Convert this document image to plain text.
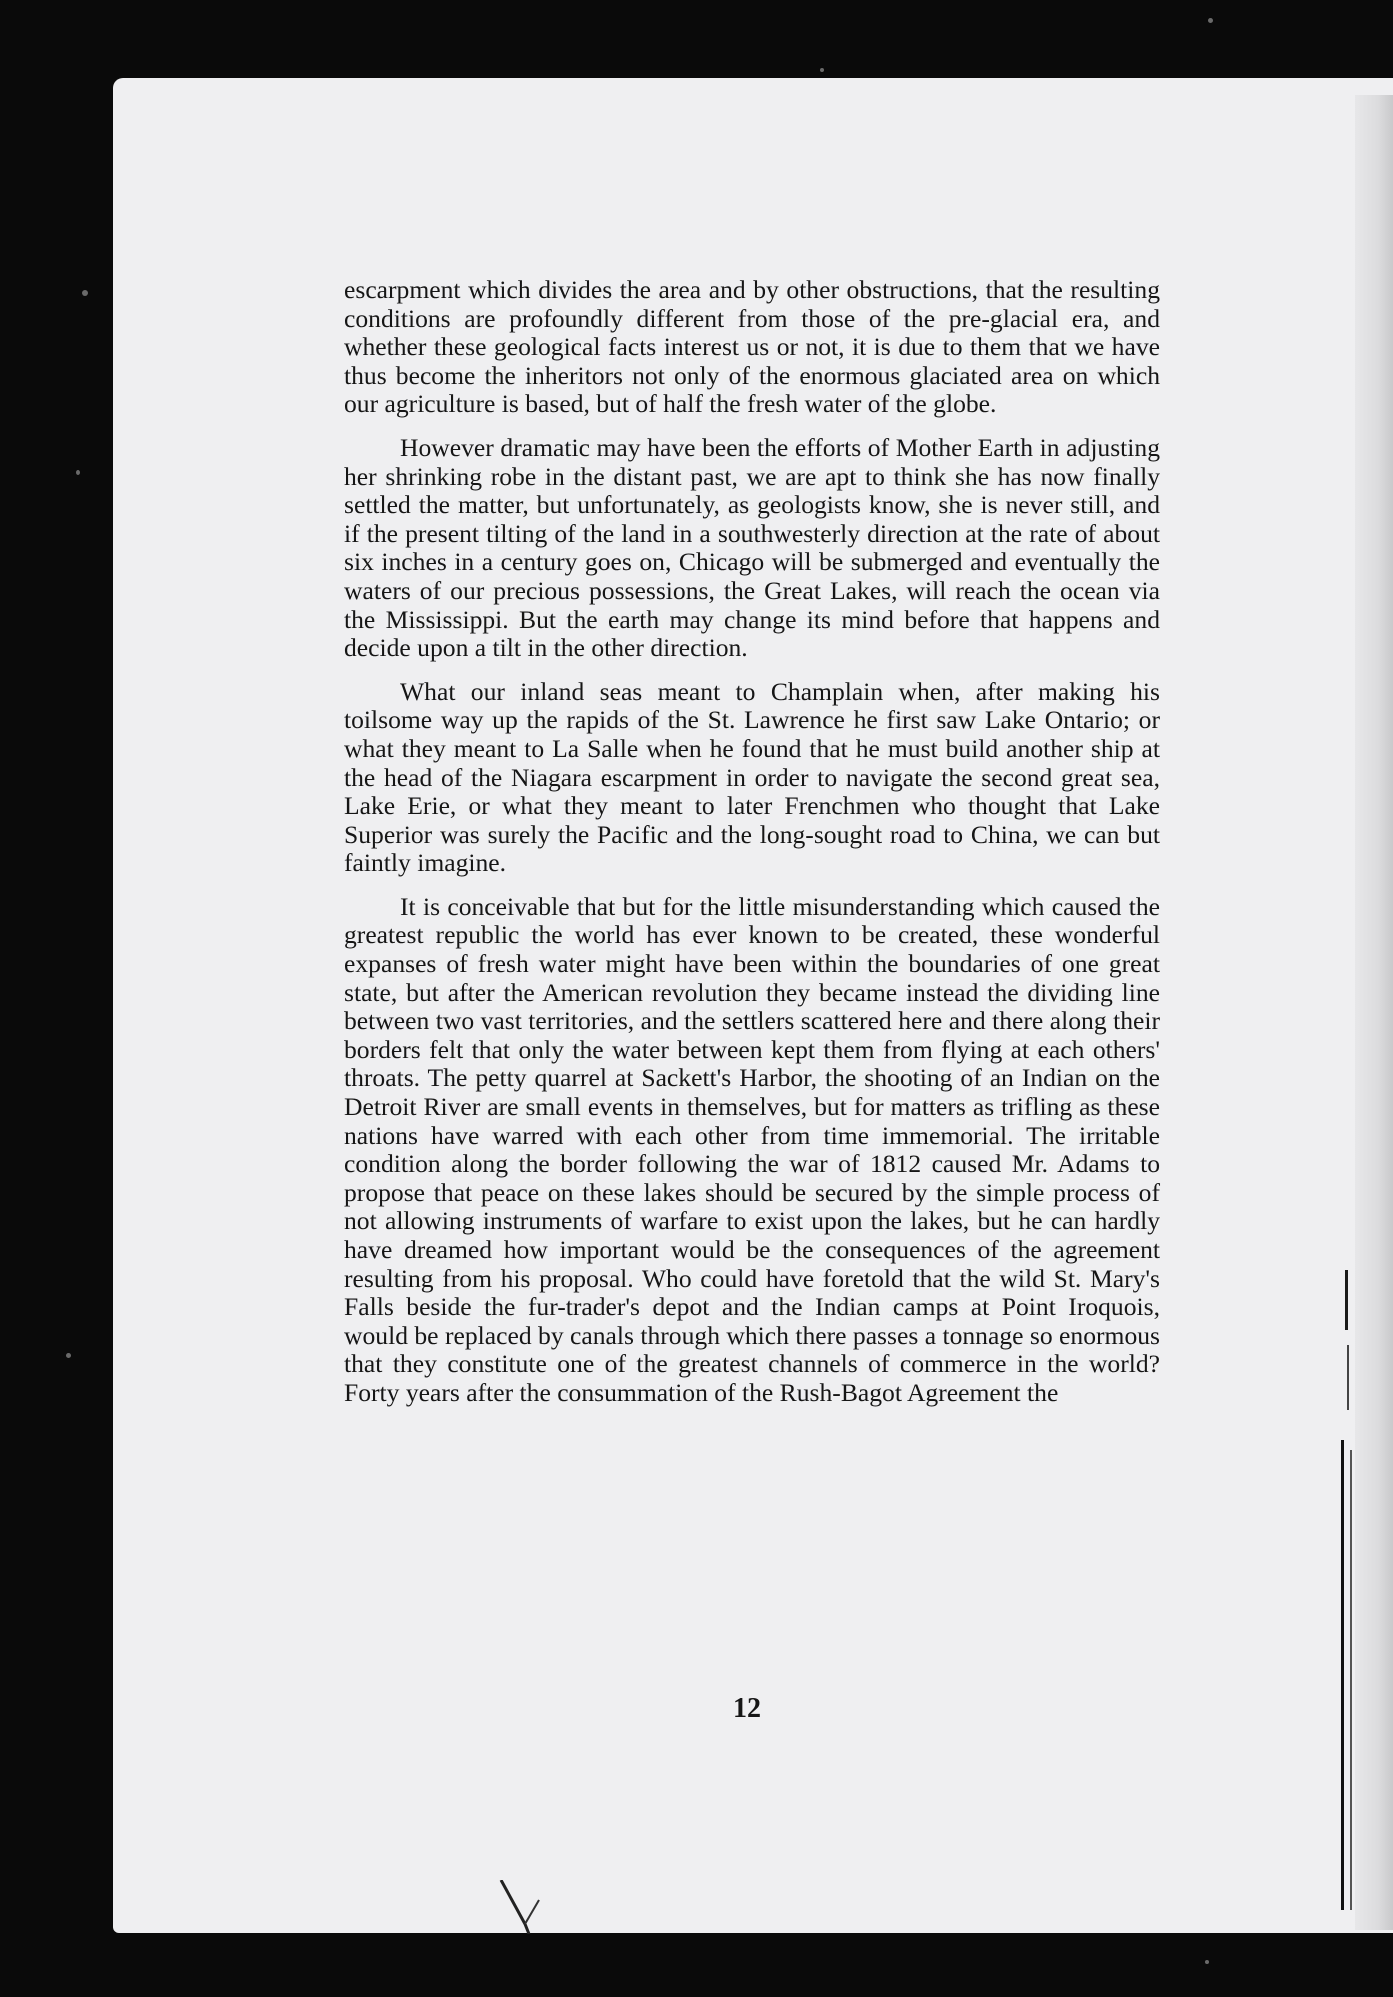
escarpment which divides the area and by other obstructions, that the resulting conditions are profoundly different from those of the pre-glacial era, and whether these geological facts interest us or not, it is due to them that we have thus become the inheritors not only of the enormous glaciated area on which our agriculture is based, but of half the fresh water of the globe.

However dramatic may have been the efforts of Mother Earth in adjusting her shrinking robe in the distant past, we are apt to think she has now finally settled the matter, but unfortunately, as geologists know, she is never still, and if the present tilting of the land in a southwesterly direction at the rate of about six inches in a century goes on, Chicago will be submerged and eventually the waters of our precious possessions, the Great Lakes, will reach the ocean via the Mississippi. But the earth may change its mind before that happens and decide upon a tilt in the other direction.

What our inland seas meant to Champlain when, after making his toilsome way up the rapids of the St. Lawrence he first saw Lake Ontario; or what they meant to La Salle when he found that he must build another ship at the head of the Niagara escarpment in order to navigate the second great sea, Lake Erie, or what they meant to later Frenchmen who thought that Lake Superior was surely the Pacific and the long-sought road to China, we can but faintly imagine.

It is conceivable that but for the little misunderstanding which caused the greatest republic the world has ever known to be created, these wonderful expanses of fresh water might have been within the boundaries of one great state, but after the American revolution they became instead the dividing line between two vast territories, and the settlers scattered here and there along their borders felt that only the water between kept them from flying at each others' throats. The petty quarrel at Sackett's Harbor, the shooting of an Indian on the Detroit River are small events in themselves, but for matters as trifling as these nations have warred with each other from time immemorial. The irritable condition along the border following the war of 1812 caused Mr. Adams to propose that peace on these lakes should be secured by the simple process of not allowing instruments of warfare to exist upon the lakes, but he can hardly have dreamed how important would be the consequences of the agreement resulting from his proposal. Who could have foretold that the wild St. Mary's Falls beside the fur-trader's depot and the Indian camps at Point Iroquois, would be replaced by canals through which there passes a tonnage so enormous that they constitute one of the greatest channels of commerce in the world? Forty years after the consummation of the Rush-Bagot Agreement the

12
